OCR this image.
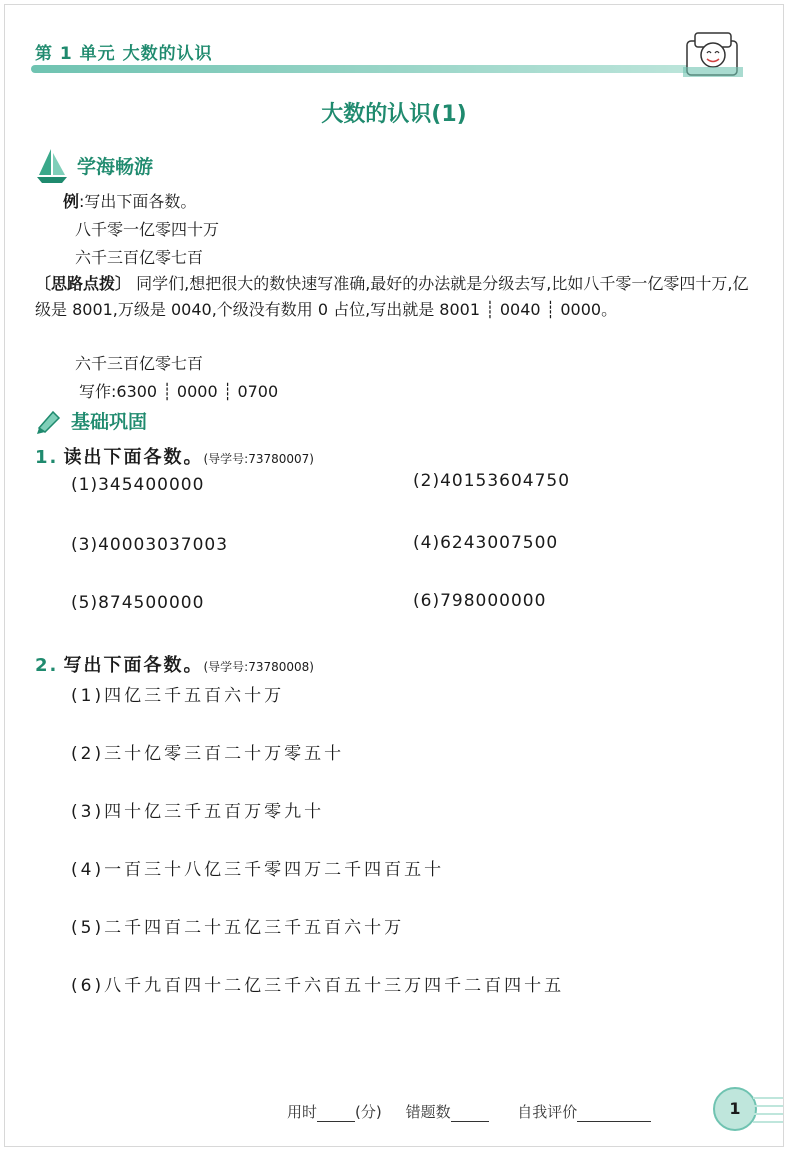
第 1 单元 大数的认识
大数的认识(1)
学海畅游
例:写出下面各数。
八千零一亿零四十万
六千三百亿零七百
〔思路点拨〕 同学们,想把很大的数快速写准确,最好的办法就是分级去写,比如八千零一亿零四十万,亿级是 8001,万级是 0040,个级没有数用 0 占位,写出就是 8001 ┊ 0040 ┊ 0000。
六千三百亿零七百
写作:6300 ┊ 0000 ┊ 0700
基础巩固
1. 读出下面各数。(导学号:73780007)
(1)345400000	(2)40153604750
(3)40003037003	(4)6243007500
(5)874500000	(6)798000000
2. 写出下面各数。(导学号:73780008)
(1)四亿三千五百六十万
(2)三十亿零三百二十万零五十
(3)四十亿三千五百万零九十
(4)一百三十八亿三千零四万二千四百五十
(5)二千四百二十五亿三千五百六十万
(6)八千九百四十二亿三千六百五十三万四千二百四十五
用时	(分) 错题数	自我评价	1
